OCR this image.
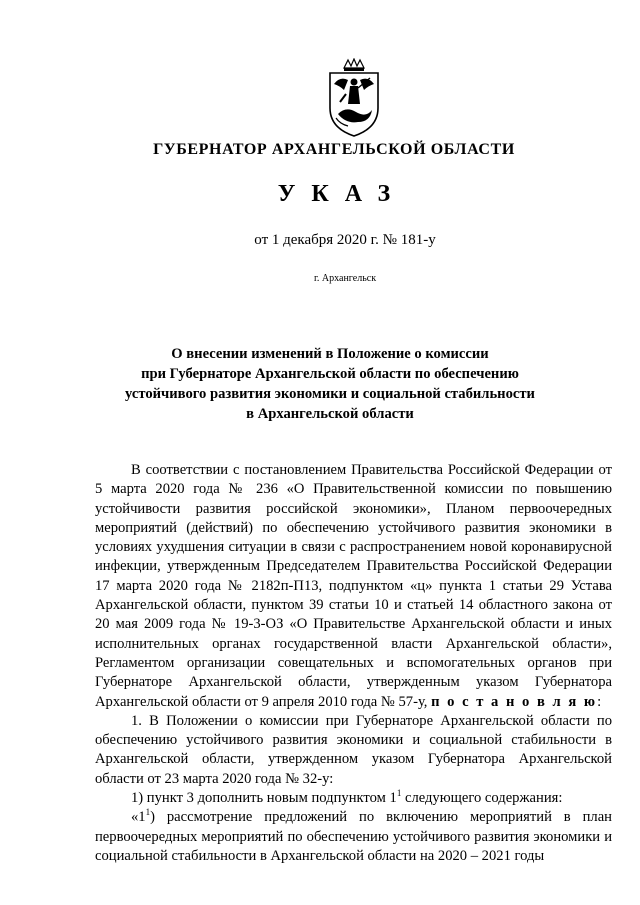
ГУБЕРНАТОР АРХАНГЕЛЬСКОЙ ОБЛАСТИ
УКАЗ
от 1 декабря 2020 г. № 181-у
г. Архангельск
О внесении изменений в Положение о комиссии
при Губернаторе Архангельской области по обеспечению
устойчивого развития экономики и социальной стабильности
в Архангельской области

В соответствии с постановлением Правительства Российской Федерации от 5 марта 2020 года № 236 «О Правительственной комиссии по повышению устойчивости развития российской экономики», Планом первоочередных мероприятий (действий) по обеспечению устойчивого развития экономики в условиях ухудшения ситуации в связи с распространением новой коронавирусной инфекции, утвержденным Председателем Правительства Российской Федерации 17 марта 2020 года № 2182п-П13, подпунктом «ц» пункта 1 статьи 29 Устава Архангельской области, пунктом 39 статьи 10 и статьей 14 областного закона от 20 мая 2009 года № 19-3-ОЗ «О Правительстве Архангельской области и иных исполнительных органах государственной власти Архангельской области», Регламентом организации совещательных и вспомогательных органов при Губернаторе Архангельской области, утвержденным указом Губернатора Архангельской области от 9 апреля 2010 года № 57-у, п о с т а н о в л я ю:

1. В Положении о комиссии при Губернаторе Архангельской области по обеспечению устойчивого развития экономики и социальной стабильности в Архангельской области, утвержденном указом Губернатора Архангельской области от 23 марта 2020 года № 32-у:

1) пункт 3 дополнить новым подпунктом $1^1$ следующего содержания:

«$1^1$) рассмотрение предложений по включению мероприятий в план первоочередных мероприятий по обеспечению устойчивого развития экономики и социальной стабильности в Архангельской области на 2020 – 2021 годы
